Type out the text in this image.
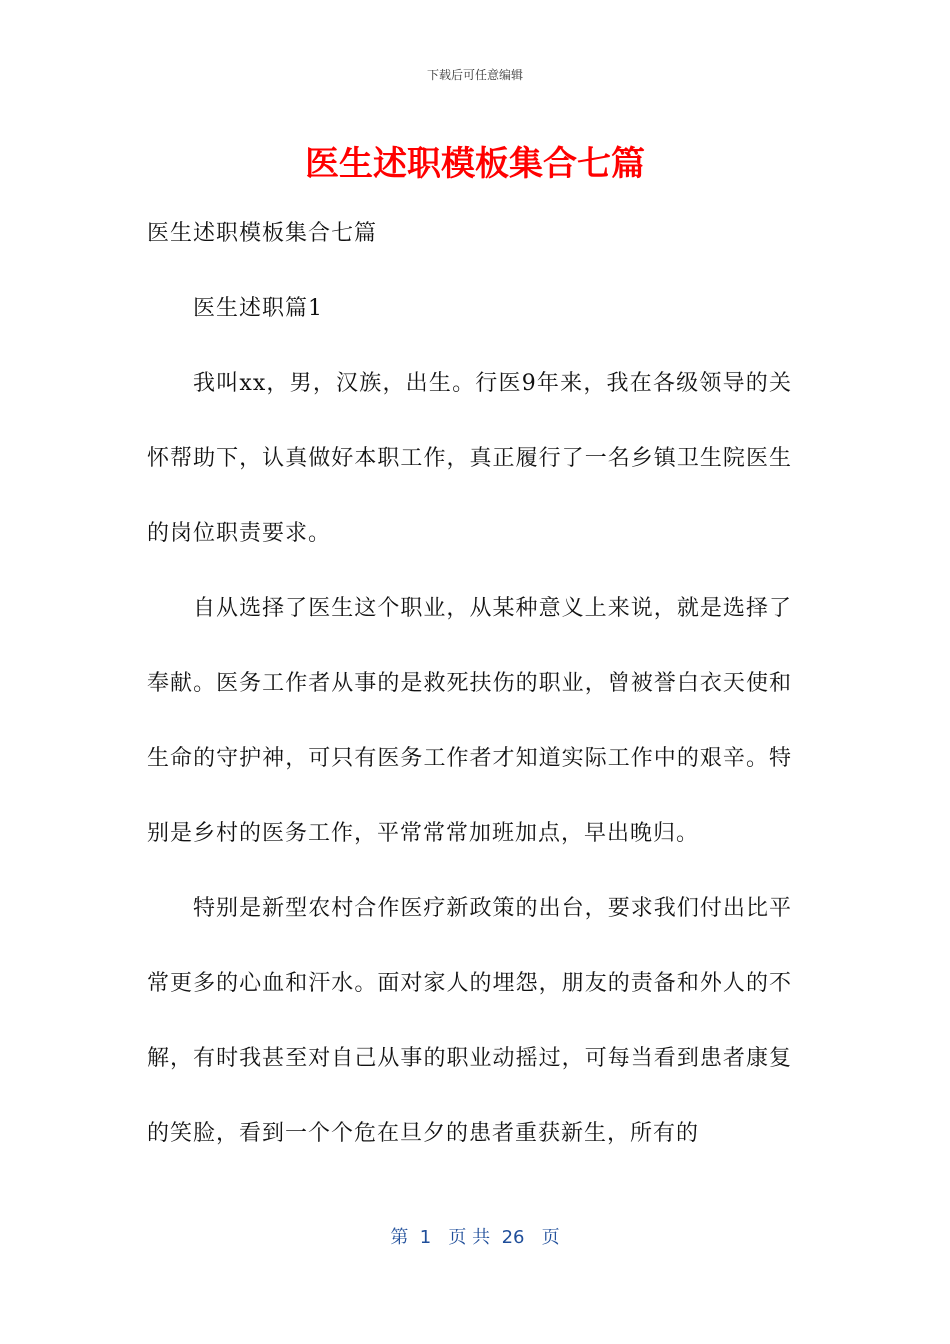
下载后可任意编辑
医生述职模板集合七篇

医生述职模板集合七篇

医生述职篇1

我叫xx，男，汉族，出生。行医9年来，我在各级领导的关怀帮助下，认真做好本职工作，真正履行了一名乡镇卫生院医生的岗位职责要求。

自从选择了医生这个职业，从某种意义上来说，就是选择了奉献。医务工作者从事的是救死扶伤的职业，曾被誉白衣天使和生命的守护神，可只有医务工作者才知道实际工作中的艰辛。特别是乡村的医务工作，平常常常加班加点，早出晚归。

特别是新型农村合作医疗新政策的出台，要求我们付出比平常更多的心血和汗水。面对家人的埋怨，朋友的责备和外人的不解，有时我甚至对自己从事的职业动摇过，可每当看到患者康复的笑脸，看到一个个危在旦夕的患者重获新生，所有的

第  1   页 共  26   页
